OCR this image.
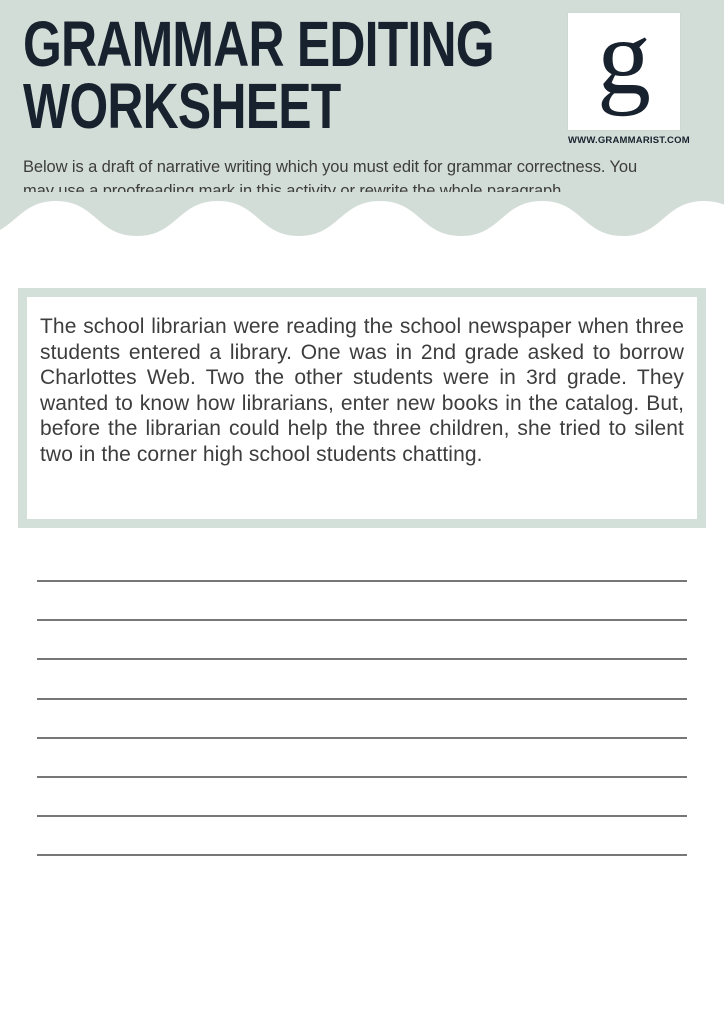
GRAMMAR EDITING
WORKSHEET

Below is a draft of narrative writing which you must edit for grammar correctness. You
may use a proofreading mark in this activity or rewrite the whole paragraph.

g
WWW.GRAMMARIST.COM

The school librarian were reading the school newspaper when three students entered a library. One was in 2nd grade asked to borrow Charlottes Web. Two the other students were in 3rd grade. They wanted to know how librarians, enter new books in the catalog. But, before the librarian could help the three children, she tried to silent two in the corner high school students chatting.
